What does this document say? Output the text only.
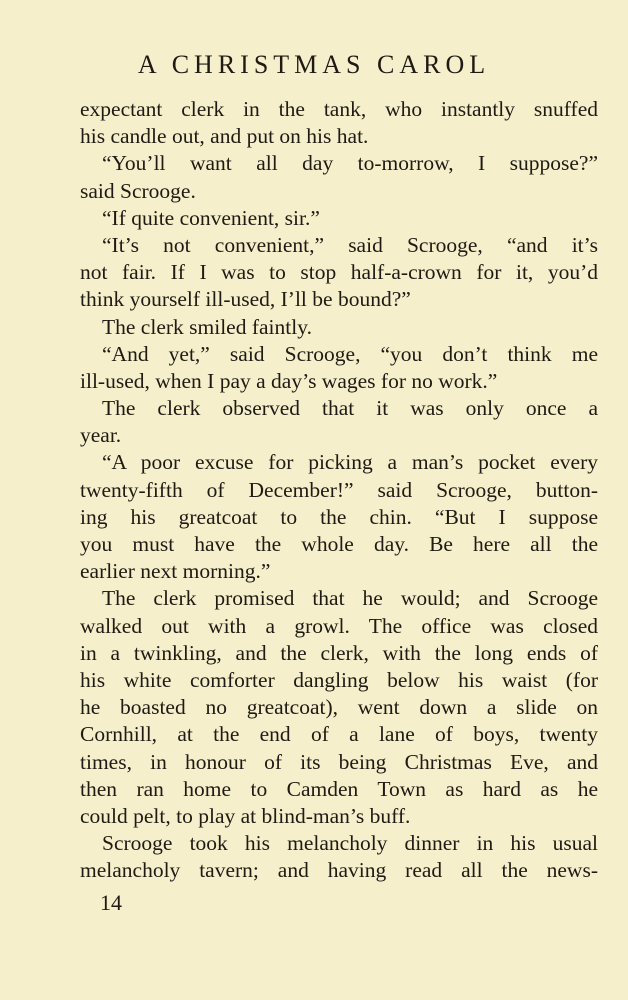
A CHRISTMAS CAROL
expectant clerk in the tank, who instantly snuffed
his candle out, and put on his hat.
“You’ll want all day to-morrow, I suppose?”
said Scrooge.
“If quite convenient, sir.”
“It’s not convenient,” said Scrooge, “and it’s
not fair. If I was to stop half-a-crown for it, you’d
think yourself ill-used, I’ll be bound?”
The clerk smiled faintly.
“And yet,” said Scrooge, “you don’t think me
ill-used, when I pay a day’s wages for no work.”
The clerk observed that it was only once a
year.
“A poor excuse for picking a man’s pocket every
twenty-fifth of December!” said Scrooge, button-
ing his greatcoat to the chin. “But I suppose
you must have the whole day. Be here all the
earlier next morning.”
The clerk promised that he would; and Scrooge
walked out with a growl. The office was closed
in a twinkling, and the clerk, with the long ends of
his white comforter dangling below his waist (for
he boasted no greatcoat), went down a slide on
Cornhill, at the end of a lane of boys, twenty
times, in honour of its being Christmas Eve, and
then ran home to Camden Town as hard as he
could pelt, to play at blind-man’s buff.
Scrooge took his melancholy dinner in his usual
melancholy tavern; and having read all the news-
14
